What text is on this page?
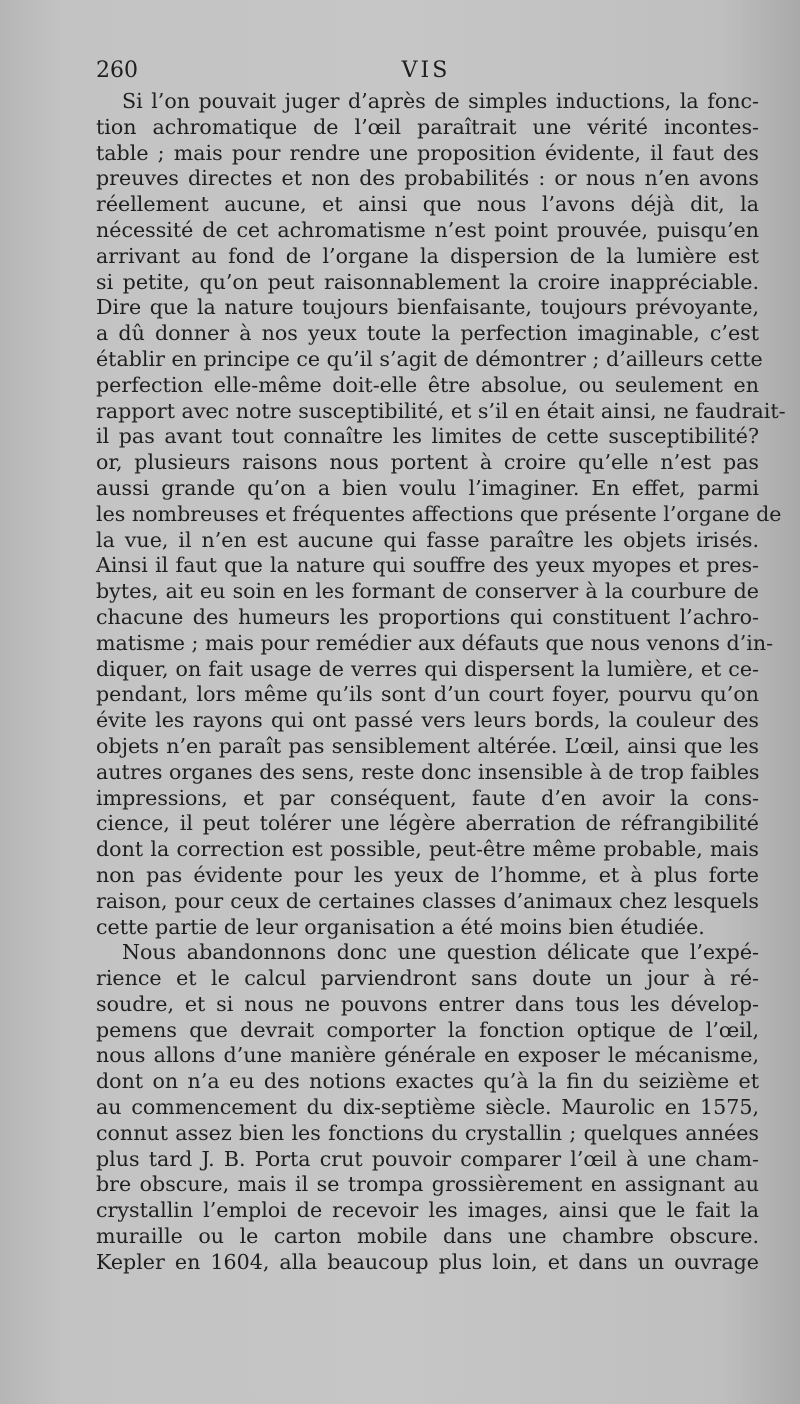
260	VIS
Si l’on pouvait juger d’après de simples inductions, la fonc-
tion achromatique de l’œil paraîtrait une vérité incontes-
table ; mais pour rendre une proposition évidente, il faut des
preuves directes et non des probabilités : or nous n’en avons
réellement aucune, et ainsi que nous l’avons déjà dit, la
nécessité de cet achromatisme n’est point prouvée, puisqu’en
arrivant au fond de l’organe la dispersion de la lumière est
si petite, qu’on peut raisonnablement la croire inappréciable.
Dire que la nature toujours bienfaisante, toujours prévoyante,
a dû donner à nos yeux toute la perfection imaginable, c’est
établir en principe ce qu’il s’agit de démontrer ; d’ailleurs cette
perfection elle-même doit-elle être absolue, ou seulement en
rapport avec notre susceptibilité, et s’il en était ainsi, ne faudrait-
il pas avant tout connaître les limites de cette susceptibilité?
or, plusieurs raisons nous portent à croire qu’elle n’est pas
aussi grande qu’on a bien voulu l’imaginer. En effet, parmi
les nombreuses et fréquentes affections que présente l’organe de
la vue, il n’en est aucune qui fasse paraître les objets irisés.
Ainsi il faut que la nature qui souffre des yeux myopes et pres-
bytes, ait eu soin en les formant de conserver à la courbure de
chacune des humeurs les proportions qui constituent l’achro-
matisme ; mais pour remédier aux défauts que nous venons d’in-
diquer, on fait usage de verres qui dispersent la lumière, et ce-
pendant, lors même qu’ils sont d’un court foyer, pourvu qu’on
évite les rayons qui ont passé vers leurs bords, la couleur des
objets n’en paraît pas sensiblement altérée. L’œil, ainsi que les
autres organes des sens, reste donc insensible à de trop faibles
impressions, et par conséquent, faute d’en avoir la cons-
cience, il peut tolérer une légère aberration de réfrangibilité
dont la correction est possible, peut-être même probable, mais
non pas évidente pour les yeux de l’homme, et à plus forte
raison, pour ceux de certaines classes d’animaux chez lesquels
cette partie de leur organisation a été moins bien étudiée.
Nous abandonnons donc une question délicate que l’expé-
rience et le calcul parviendront sans doute un jour à ré-
soudre, et si nous ne pouvons entrer dans tous les dévelop-
pemens que devrait comporter la fonction optique de l’œil,
nous allons d’une manière générale en exposer le mécanisme,
dont on n’a eu des notions exactes qu’à la fin du seizième et
au commencement du dix-septième siècle. Maurolic en 1575,
connut assez bien les fonctions du crystallin ; quelques années
plus tard J. B. Porta crut pouvoir comparer l’œil à une cham-
bre obscure, mais il se trompa grossièrement en assignant au
crystallin l’emploi de recevoir les images, ainsi que le fait la
muraille ou le carton mobile dans une chambre obscure.
Kepler en 1604, alla beaucoup plus loin, et dans un ouvrage
